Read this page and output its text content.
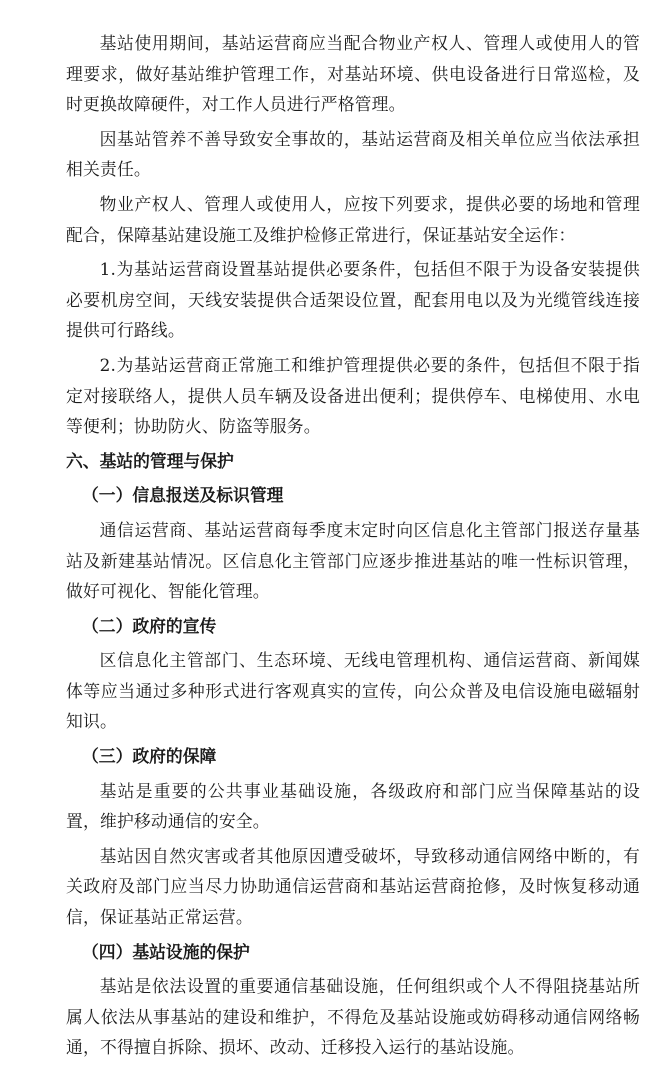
基站使用期间，基站运营商应当配合物业产权人、管理人或使用人的管理要求，做好基站维护管理工作，对基站环境、供电设备进行日常巡检，及时更换故障硬件，对工作人员进行严格管理。

因基站管养不善导致安全事故的，基站运营商及相关单位应当依法承担相关责任。

物业产权人、管理人或使用人，应按下列要求，提供必要的场地和管理配合，保障基站建设施工及维护检修正常进行，保证基站安全运作：

1.为基站运营商设置基站提供必要条件，包括但不限于为设备安装提供必要机房空间，天线安装提供合适架设位置，配套用电以及为光缆管线连接提供可行路线。

2.为基站运营商正常施工和维护管理提供必要的条件，包括但不限于指定对接联络人，提供人员车辆及设备进出便利；提供停车、电梯使用、水电等便利；协助防火、防盗等服务。

六、基站的管理与保护

（一）信息报送及标识管理

通信运营商、基站运营商每季度末定时向区信息化主管部门报送存量基站及新建基站情况。区信息化主管部门应逐步推进基站的唯一性标识管理，做好可视化、智能化管理。

（二）政府的宣传

区信息化主管部门、生态环境、无线电管理机构、通信运营商、新闻媒体等应当通过多种形式进行客观真实的宣传，向公众普及电信设施电磁辐射知识。

（三）政府的保障

基站是重要的公共事业基础设施，各级政府和部门应当保障基站的设置，维护移动通信的安全。

基站因自然灾害或者其他原因遭受破坏，导致移动通信网络中断的，有关政府及部门应当尽力协助通信运营商和基站运营商抢修，及时恢复移动通信，保证基站正常运营。

（四）基站设施的保护

基站是依法设置的重要通信基础设施，任何组织或个人不得阻挠基站所属人依法从事基站的建设和维护，不得危及基站设施或妨碍移动通信网络畅通，不得擅自拆除、损坏、改动、迁移投入运行的基站设施。
